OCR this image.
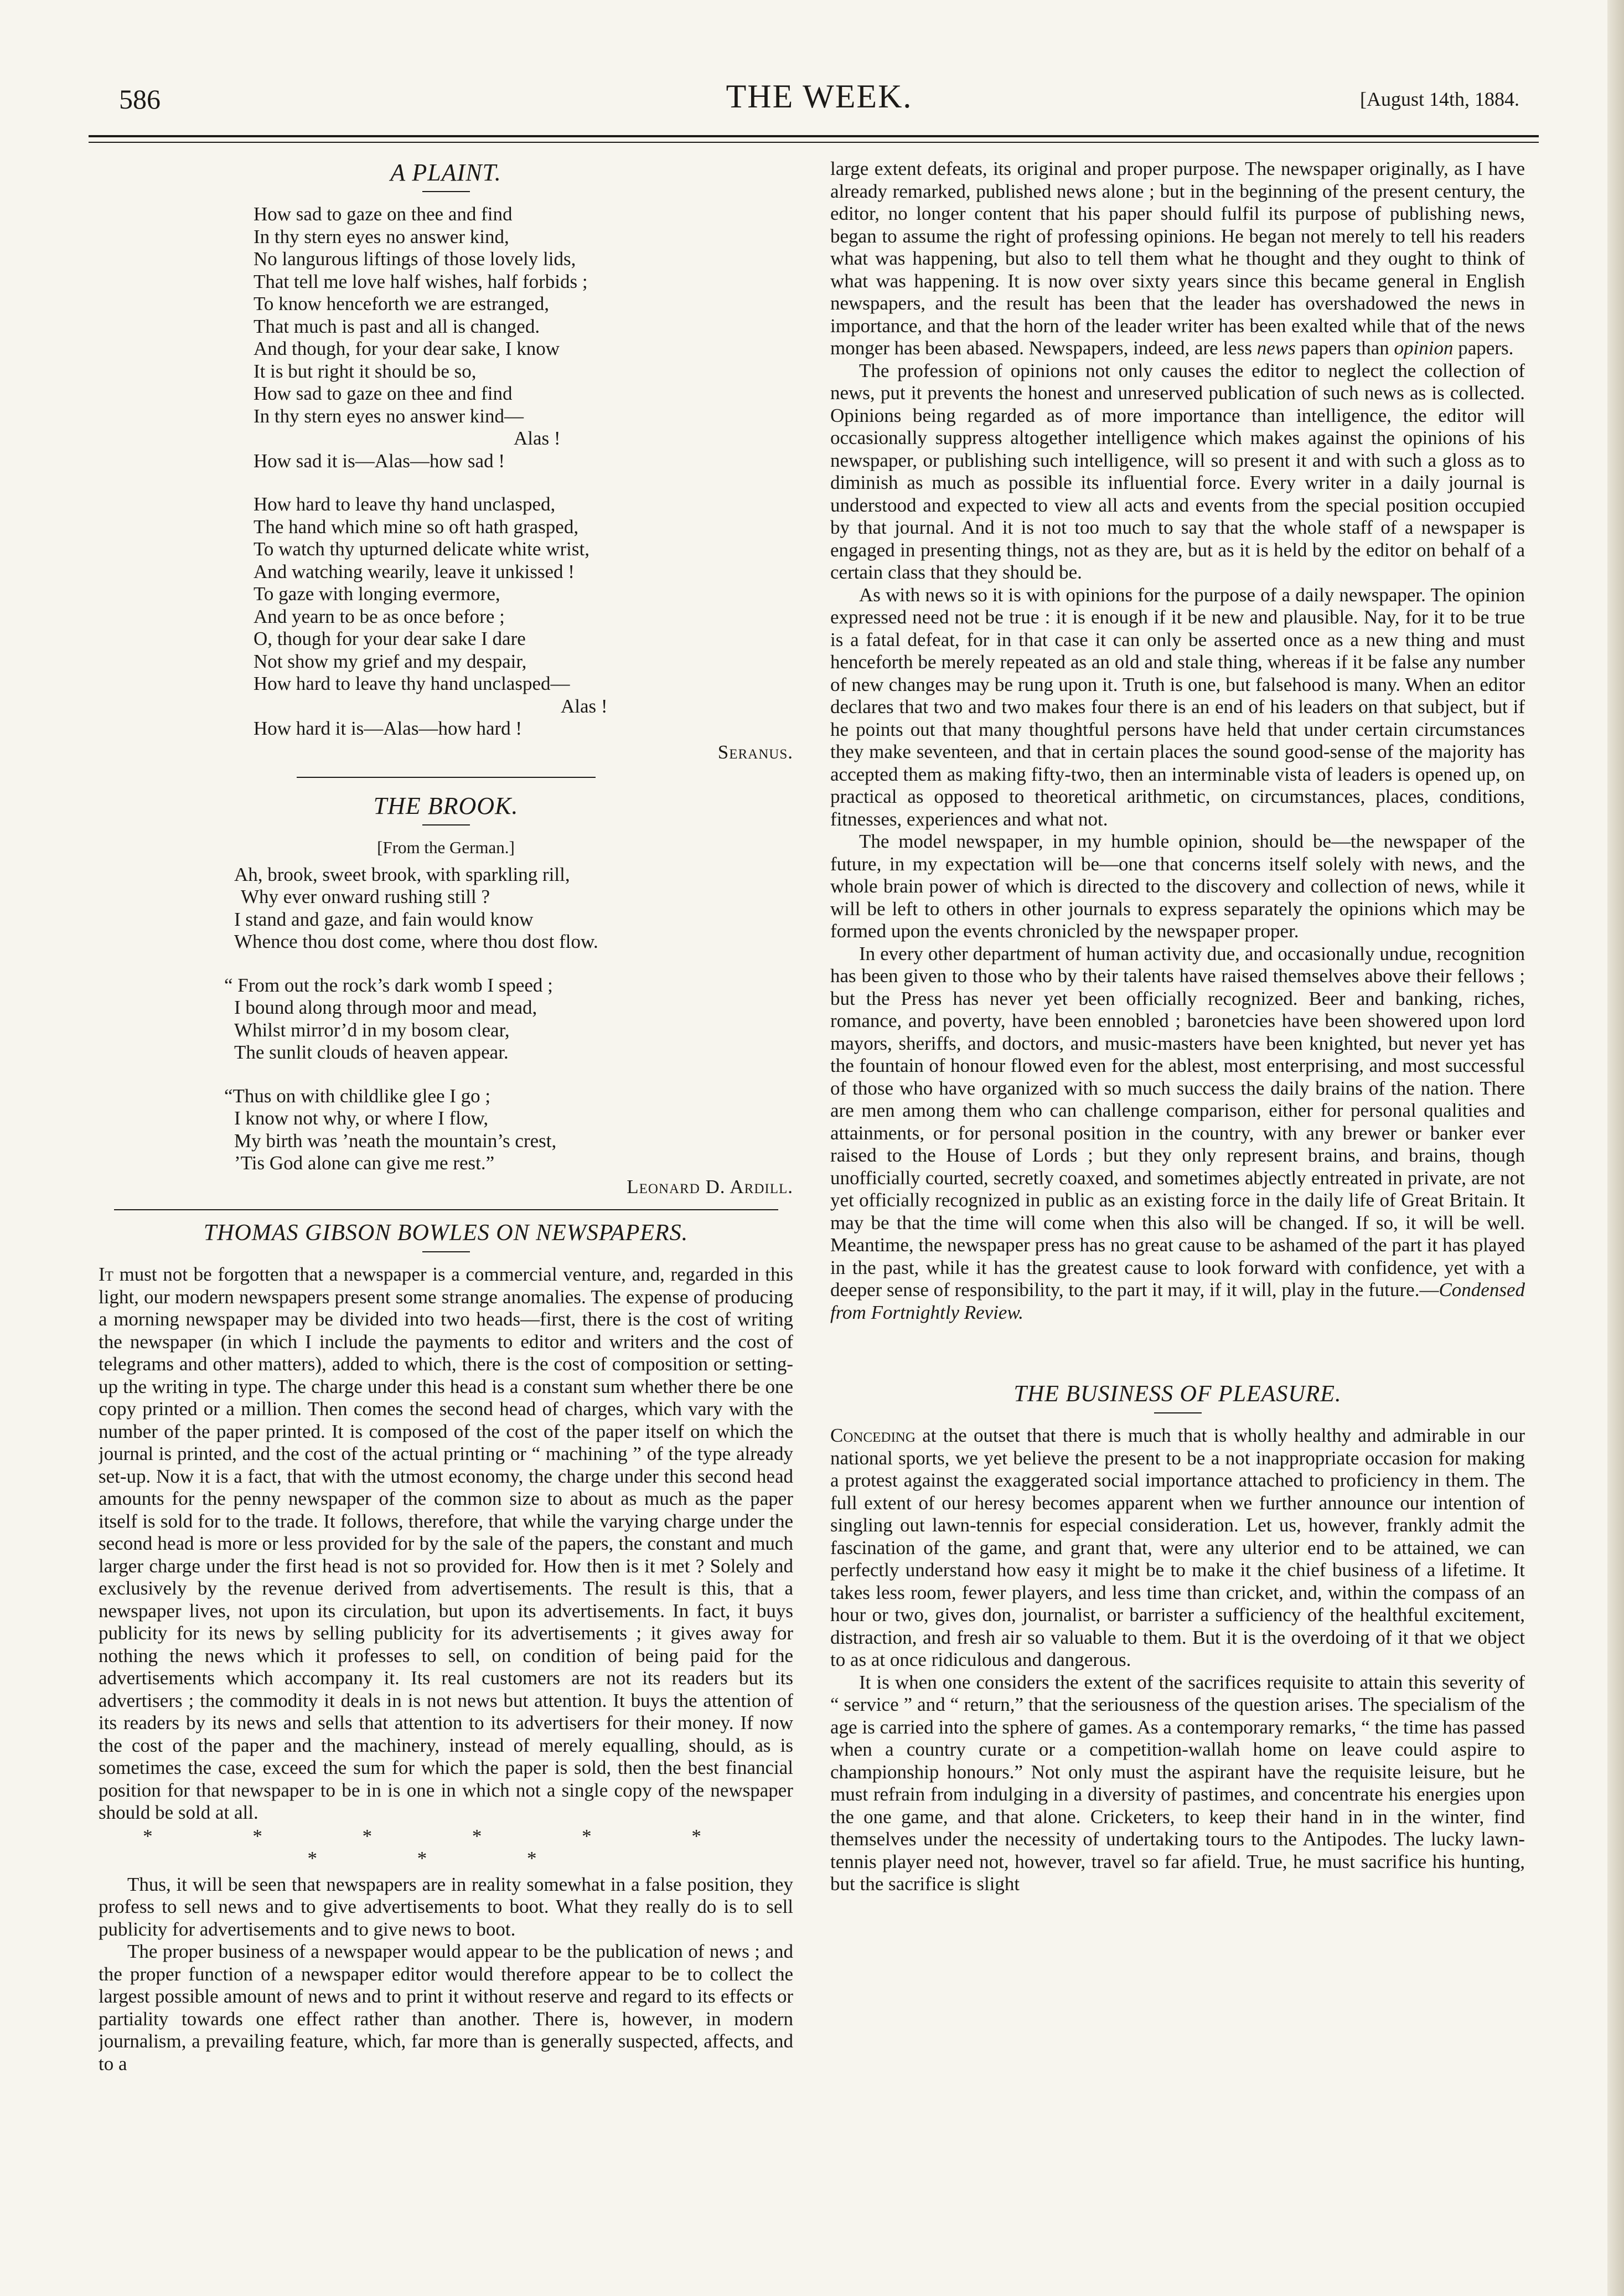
586	THE WEEK.	[August 14th, 1884.
A PLAINT.
How sad to gaze on thee and find
In thy stern eyes no answer kind,
No langurous liftings of those lovely lids,
That tell me love half wishes, half forbids ;
To know henceforth we are estranged,
That much is past and all is changed.
And though, for your dear sake, I know
It is but right it should be so,
How sad to gaze on thee and find
In thy stern eyes no answer kind—
Alas !
How sad it is—Alas—how sad !
How hard to leave thy hand unclasped,
The hand which mine so oft hath grasped,
To watch thy upturned delicate white wrist,
And watching wearily, leave it unkissed !
To gaze with longing evermore,
And yearn to be as once before ;
O, though for your dear sake I dare
Not show my grief and my despair,
How hard to leave thy hand unclasped—
Alas !
How hard it is—Alas—how hard !
Seranus.
THE BROOK.
[From the German.]
Ah, brook, sweet brook, with sparkling rill,
Why ever onward rushing still ?
I stand and gaze, and fain would know
Whence thou dost come, where thou dost flow.
“ From out the rock’s dark womb I speed ;
I bound along through moor and mead,
Whilst mirror’d in my bosom clear,
The sunlit clouds of heaven appear.
“Thus on with childlike glee I go ;
I know not why, or where I flow,
My birth was ’neath the mountain’s crest,
’Tis God alone can give me rest.”
Leonard D. Ardill.
THOMAS GIBSON BOWLES ON NEWSPAPERS.

It must not be forgotten that a newspaper is a commercial venture, and, regarded in this light, our modern newspapers present some strange anomalies. The expense of producing a morning newspaper may be divided into two heads—first, there is the cost of writing the newspaper (in which I include the payments to editor and writers and the cost of telegrams and other matters), added to which, there is the cost of composition or setting-up the writing in type. The charge under this head is a constant sum whether there be one copy printed or a million. Then comes the second head of charges, which vary with the number of the paper printed. It is composed of the cost of the paper itself on which the journal is printed, and the cost of the actual printing or “ machining ” of the type already set-up. Now it is a fact, that with the utmost economy, the charge under this second head amounts for the penny newspaper of the common size to about as much as the paper itself is sold for to the trade. It follows, therefore, that while the varying charge under the second head is more or less provided for by the sale of the papers, the constant and much larger charge under the first head is not so provided for. How then is it met ? Solely and exclusively by the revenue derived from advertisements. The result is this, that a newspaper lives, not upon its circulation, but upon its advertisements. In fact, it buys publicity for its news by selling publicity for its advertisements ; it gives away for nothing the news which it professes to sell, on condition of being paid for the advertisements which accompany it. Its real customers are not its readers but its advertisers ; the commodity it deals in is not news but attention. It buys the attention of its readers by its news and sells that attention to its advertisers for their money. If now the cost of the paper and the machinery, instead of merely equalling, should, as is sometimes the case, exceed the sum for which the paper is sold, then the best financial position for that newspaper to be in is one in which not a single copy of the newspaper should be sold at all.

* * * * * * * * *

Thus, it will be seen that newspapers are in reality somewhat in a false position, they profess to sell news and to give advertisements to boot. What they really do is to sell publicity for advertisements and to give news to boot.

The proper business of a newspaper would appear to be the publication of news ; and the proper function of a newspaper editor would therefore appear to be to collect the largest possible amount of news and to print it without reserve and regard to its effects or partiality towards one effect rather than another. There is, however, in modern journalism, a prevailing feature, which, far more than is generally suspected, affects, and to a

large extent defeats, its original and proper purpose. The newspaper originally, as I have already remarked, published news alone ; but in the beginning of the present century, the editor, no longer content that his paper should fulfil its purpose of publishing news, began to assume the right of professing opinions. He began not merely to tell his readers what was happening, but also to tell them what he thought and they ought to think of what was happening. It is now over sixty years since this became general in English newspapers, and the result has been that the leader has overshadowed the news in importance, and that the horn of the leader writer has been exalted while that of the news monger has been abased. Newspapers, indeed, are less news papers than opinion papers.

The profession of opinions not only causes the editor to neglect the collection of news, put it prevents the honest and unreserved publication of such news as is collected. Opinions being regarded as of more importance than intelligence, the editor will occasionally suppress altogether intelligence which makes against the opinions of his newspaper, or publishing such intelligence, will so present it and with such a gloss as to diminish as much as possible its influential force. Every writer in a daily journal is understood and expected to view all acts and events from the special position occupied by that journal. And it is not too much to say that the whole staff of a newspaper is engaged in presenting things, not as they are, but as it is held by the editor on behalf of a certain class that they should be.

As with news so it is with opinions for the purpose of a daily newspaper. The opinion expressed need not be true : it is enough if it be new and plausible. Nay, for it to be true is a fatal defeat, for in that case it can only be asserted once as a new thing and must henceforth be merely repeated as an old and stale thing, whereas if it be false any number of new changes may be rung upon it. Truth is one, but falsehood is many. When an editor declares that two and two makes four there is an end of his leaders on that subject, but if he points out that many thoughtful persons have held that under certain circumstances they make seventeen, and that in certain places the sound good-sense of the majority has accepted them as making fifty-two, then an interminable vista of leaders is opened up, on practical as opposed to theoretical arithmetic, on circumstances, places, conditions, fitnesses, experiences and what not.

The model newspaper, in my humble opinion, should be—the newspaper of the future, in my expectation will be—one that concerns itself solely with news, and the whole brain power of which is directed to the discovery and collection of news, while it will be left to others in other journals to express separately the opinions which may be formed upon the events chronicled by the newspaper proper.

In every other department of human activity due, and occasionally undue, recognition has been given to those who by their talents have raised themselves above their fellows ; but the Press has never yet been officially recognized. Beer and banking, riches, romance, and poverty, have been ennobled ; baronetcies have been showered upon lord mayors, sheriffs, and doctors, and music-masters have been knighted, but never yet has the fountain of honour flowed even for the ablest, most enterprising, and most successful of those who have organized with so much success the daily brains of the nation. There are men among them who can challenge comparison, either for personal qualities and attainments, or for personal position in the country, with any brewer or banker ever raised to the House of Lords ; but they only represent brains, and brains, though unofficially courted, secretly coaxed, and sometimes abjectly entreated in private, are not yet officially recognized in public as an existing force in the daily life of Great Britain. It may be that the time will come when this also will be changed. If so, it will be well. Meantime, the newspaper press has no great cause to be ashamed of the part it has played in the past, while it has the greatest cause to look forward with confidence, yet with a deeper sense of responsibility, to the part it may, if it will, play in the future.—Condensed from Fortnightly Review.

THE BUSINESS OF PLEASURE.

Conceding at the outset that there is much that is wholly healthy and admirable in our national sports, we yet believe the present to be a not inappropriate occasion for making a protest against the exaggerated social importance attached to proficiency in them. The full extent of our heresy becomes apparent when we further announce our intention of singling out lawn-tennis for especial consideration. Let us, however, frankly admit the fascination of the game, and grant that, were any ulterior end to be attained, we can perfectly understand how easy it might be to make it the chief business of a lifetime. It takes less room, fewer players, and less time than cricket, and, within the compass of an hour or two, gives don, journalist, or barrister a sufficiency of the healthful excitement, distraction, and fresh air so valuable to them. But it is the overdoing of it that we object to as at once ridiculous and dangerous.

It is when one considers the extent of the sacrifices requisite to attain this severity of “ service ” and “ return,” that the seriousness of the question arises. The specialism of the age is carried into the sphere of games. As a contemporary remarks, “ the time has passed when a country curate or a competition-wallah home on leave could aspire to championship honours.” Not only must the aspirant have the requisite leisure, but he must refrain from indulging in a diversity of pastimes, and concentrate his energies upon the one game, and that alone. Cricketers, to keep their hand in in the winter, find themselves under the necessity of undertaking tours to the Antipodes. The lucky lawn-tennis player need not, however, travel so far afield. True, he must sacrifice his hunting, but the sacrifice is slight
